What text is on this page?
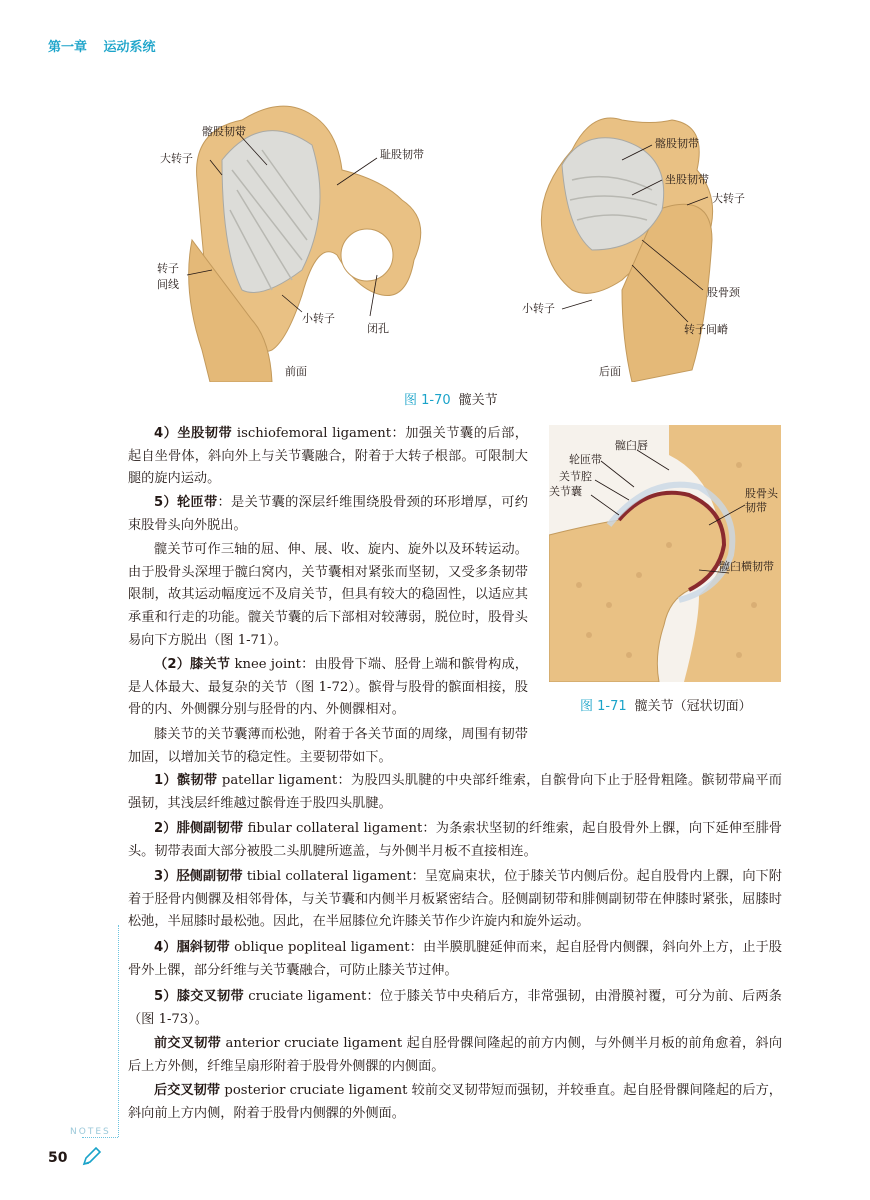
第一章 运动系统
髂股韧带
大转子	耻股韧带
转子
间线
小转子
闭孔
髂股韧带
坐股韧带
大转子
股骨颈
小转子
转子间嵴
前面	后面
图 1-70 髋关节
髋臼唇
轮匝带
关节腔
关节囊	股骨头
韧带
髋臼横韧带
图 1-71 髋关节（冠状切面）
4）坐股韧带 ischiofemoral ligament：加强关节囊的后部，起自坐骨体，斜向外上与关节囊融合，附着于大转子根部。可限制大腿的旋内运动。
5）轮匝带：是关节囊的深层纤维围绕股骨颈的环形增厚，可约束股骨头向外脱出。
髋关节可作三轴的屈、伸、展、收、旋内、旋外以及环转运动。由于股骨头深埋于髋臼窝内，关节囊相对紧张而坚韧，又受多条韧带限制，故其运动幅度远不及肩关节，但具有较大的稳固性，以适应其承重和行走的功能。髋关节囊的后下部相对较薄弱，脱位时，股骨头易向下方脱出（图 1-71）。
（2）膝关节 knee joint：由股骨下端、胫骨上端和髌骨构成，是人体最大、最复杂的关节（图 1-72）。髌骨与股骨的髌面相接，股骨的内、外侧髁分别与胫骨的内、外侧髁相对。
膝关节的关节囊薄而松弛，附着于各关节面的周缘，周围有韧带加固，以增加关节的稳定性。主要韧带如下。
1）髌韧带 patellar ligament：为股四头肌腱的中央部纤维索，自髌骨向下止于胫骨粗隆。髌韧带扁平而强韧，其浅层纤维越过髌骨连于股四头肌腱。
2）腓侧副韧带 fibular collateral ligament：为条索状坚韧的纤维索，起自股骨外上髁，向下延伸至腓骨头。韧带表面大部分被股二头肌腱所遮盖，与外侧半月板不直接相连。
3）胫侧副韧带 tibial collateral ligament：呈宽扁束状，位于膝关节内侧后份。起自股骨内上髁，向下附着于胫骨内侧髁及相邻骨体，与关节囊和内侧半月板紧密结合。胫侧副韧带和腓侧副韧带在伸膝时紧张，屈膝时松弛，半屈膝时最松弛。因此，在半屈膝位允许膝关节作少许旋内和旋外运动。
4）腘斜韧带 oblique popliteal ligament：由半膜肌腱延伸而来，起自胫骨内侧髁，斜向外上方，止于股骨外上髁，部分纤维与关节囊融合，可防止膝关节过伸。
5）膝交叉韧带 cruciate ligament：位于膝关节中央稍后方，非常强韧，由滑膜衬覆，可分为前、后两条（图 1-73）。
前交叉韧带 anterior cruciate ligament 起自胫骨髁间隆起的前方内侧，与外侧半月板的前角愈着，斜向后上方外侧，纤维呈扇形附着于股骨外侧髁的内侧面。
后交叉韧带 posterior cruciate ligament 较前交叉韧带短而强韧，并较垂直。起自胫骨髁间隆起的后方，斜向前上方内侧，附着于股骨内侧髁的外侧面。
NOTES
50
